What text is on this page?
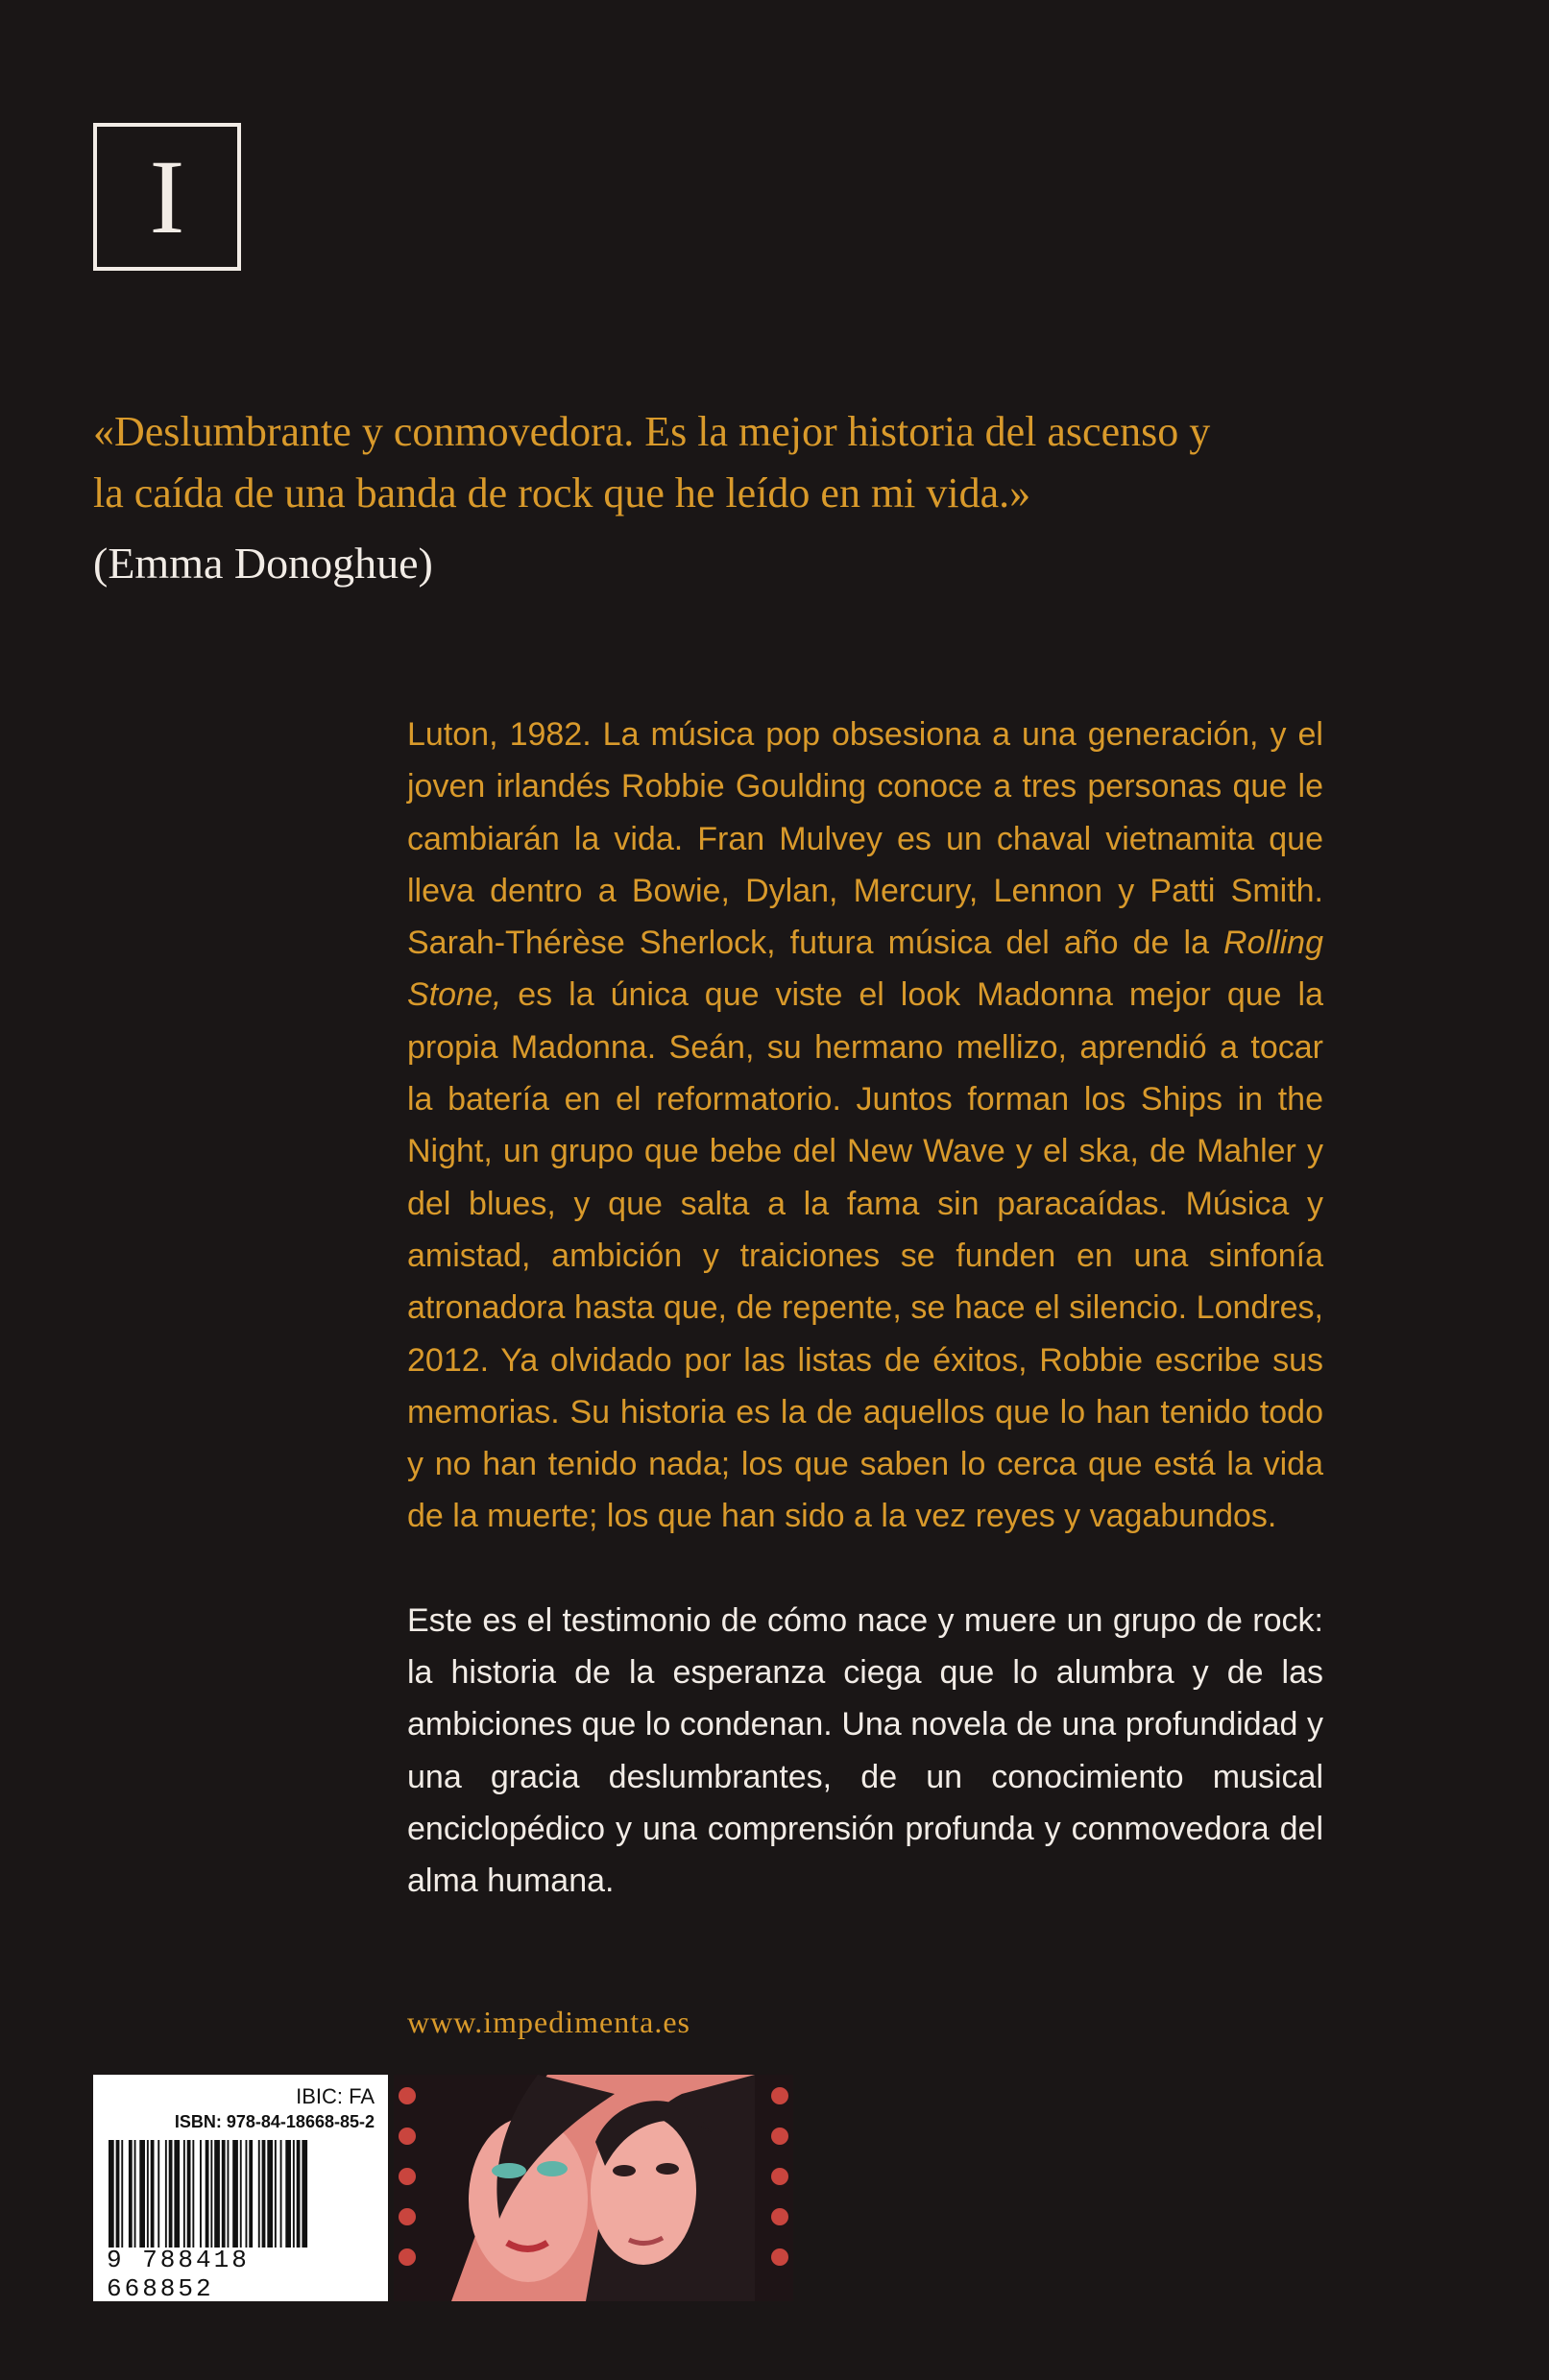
I

«Deslumbrante y conmovedora. Es la mejor historia del ascenso y

la caída de una banda de rock que he leído en mi vida.»

(Emma Donoghue)

Luton, 1982. La música pop obsesiona a una generación, y el joven irlandés Robbie Goulding conoce a tres personas que le cambiarán la vida. Fran Mulvey es un chaval vietnamita que lleva dentro a Bowie, Dylan, Mercury, Lennon y Patti Smith. Sarah-Thérèse Sherlock, futura música del año de la Rolling Stone, es la única que viste el look Madonna mejor que la propia Madonna. Seán, su hermano mellizo, aprendió a tocar la batería en el reformatorio. Juntos forman los Ships in the Night, un grupo que bebe del New Wave y el ska, de Mahler y del blues, y que salta a la fama sin paracaídas. Música y amistad, ambición y traiciones se funden en una sinfonía atronadora hasta que, de repente, se hace el silencio. Londres, 2012. Ya olvidado por las listas de éxitos, Robbie escribe sus memorias. Su historia es la de aquellos que lo han tenido todo y no han tenido nada; los que saben lo cerca que está la vida de la muerte; los que han sido a la vez reyes y vagabundos.

Este es el testimonio de cómo nace y muere un grupo de rock: la historia de la esperanza ciega que lo alumbra y de las ambiciones que lo condenan. Una novela de una profundidad y una gracia deslumbrantes, de un conocimiento musical enciclopédico y una comprensión profunda y conmovedora del alma humana.

www.impedimenta.es
IBIC: FA
ISBN: 978-84-18668-85-2
9 788418 668852
